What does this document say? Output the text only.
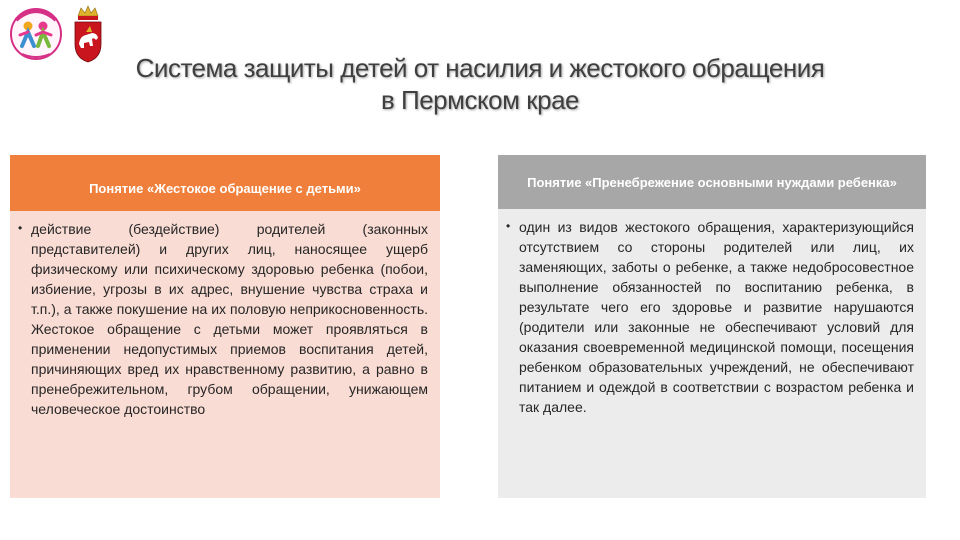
Система защиты детей от насилия и жестокого обращения
в Пермском крае
Понятие «Жестокое обращение с детьми»
• действие (бездействие) родителей (законных представителей) и других лиц, наносящее ущерб физическому или психическому здоровью ребенка (побои, избиение, угрозы в их адрес, внушение чувства страха и т.п.), а также покушение на их половую неприкосновенность. Жестокое обращение с детьми может проявляться в применении недопустимых приемов воспитания детей, причиняющих вред их нравственному развитию, а равно в пренебрежительном, грубом обращении, унижающем человеческое достоинство

Понятие «Пренебрежение основными нуждами ребенка»
• один из видов жестокого обращения, характеризующийся отсутствием со стороны родителей или лиц, их заменяющих, заботы о ребенке, а также недобросовестное выполнение обязанностей по воспитанию ребенка, в результате чего его здоровье и развитие нарушаются (родители или законные не обеспечивают условий для оказания своевременной медицинской помощи, посещения ребенком образовательных учреждений, не обеспечивают питанием и одеждой в соответствии с возрастом ребенка и так далее.
